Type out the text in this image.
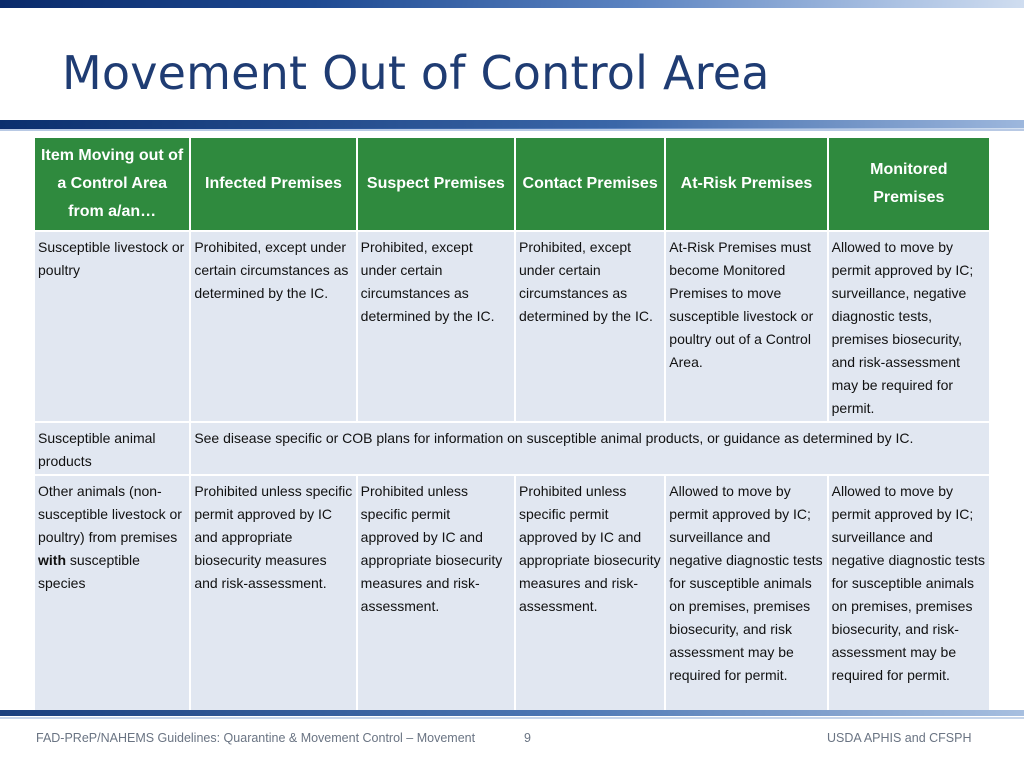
Movement Out of Control Area
Item Moving out of a Control Area from a/an…	Infected Premises	Suspect Premises	Contact Premises	At-Risk Premises	Monitored Premises
Susceptible livestock or poultry	Prohibited, except under certain circumstances as determined by the IC.	Prohibited, except under certain circumstances as determined by the IC.	Prohibited, except under certain circumstances as determined by the IC.	At-Risk Premises must become Monitored Premises to move susceptible livestock or poultry out of a Control Area.	Allowed to move by permit approved by IC; surveillance, negative diagnostic tests, premises biosecurity, and risk-assessment may be required for permit.
Susceptible animal products	See disease specific or COB plans for information on susceptible animal products, or guidance as determined by IC.				
Other animals (non-susceptible livestock or poultry) from premises with susceptible species	Prohibited unless specific permit approved by IC and appropriate biosecurity measures and risk-assessment.	Prohibited unless specific permit approved by IC and appropriate biosecurity measures and risk-assessment.	Prohibited unless specific permit approved by IC and appropriate biosecurity measures and risk-assessment.	Allowed to move by permit approved by IC; surveillance and negative diagnostic tests for susceptible animals on premises, premises biosecurity, and risk assessment may be required for permit.	Allowed to move by permit approved by IC; surveillance and negative diagnostic tests for susceptible animals on premises, premises biosecurity, and risk-assessment may be required for permit.
FAD-PReP/NAHEMS Guidelines: Quarantine & Movement Control – Movement	9	USDA APHIS and CFSPH
